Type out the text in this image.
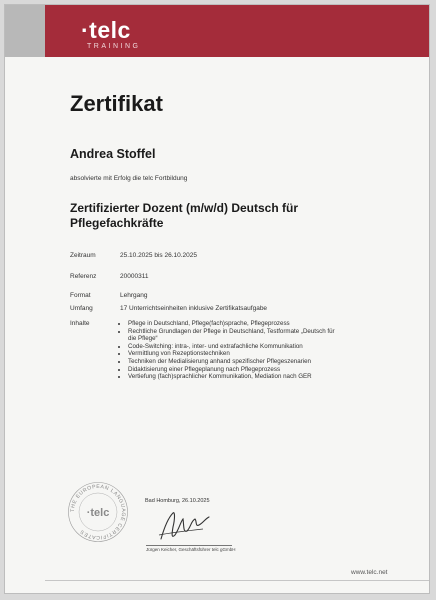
·telc
TRAINING
Zertifikat
Andrea Stoffel
absolvierte mit Erfolg die telc Fortbildung
Zertifizierter Dozent (m/w/d) Deutsch für
Pflegefachkräfte
Zeitraum	25.10.2025 bis 26.10.2025
Referenz	20000311
Format	Lehrgang
Umfang	17 Unterrichtseinheiten inklusive Zertifikatsaufgabe
Inhalte
•	Pflege in Deutschland, Pflege(fach)sprache, Pflegeprozess
• Rechtliche Grundlagen der Pflege in Deutschland, Testformate „Deutsch für
die Pflege“
• Code-Switching: intra-, inter- und extrafachliche Kommunikation
• Vermittlung von Rezeptionstechniken
• Techniken der Medialisierung anhand spezifischer Pflegeszenarien
• Didaktisierung einer Pflegeplanung nach Pflegeprozess
• Vertiefung (fach)sprachlicher Kommunikation, Mediation nach GER
THE EUROPEAN LANGUAGE CERTIFICATES
·telc
Bad Homburg, 26.10.2025
Jürgen Keicher, Geschäftsführer telc gGmbH
www.telc.net
